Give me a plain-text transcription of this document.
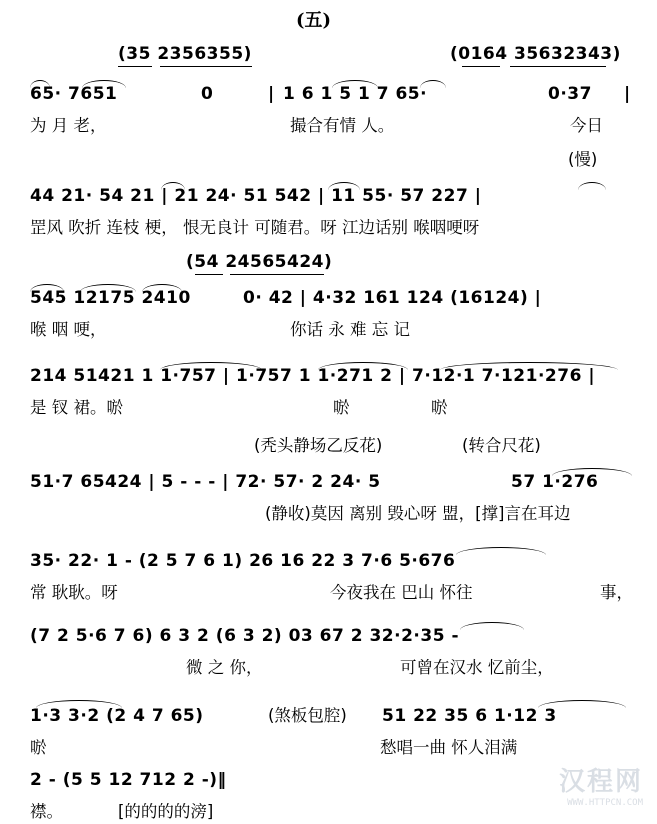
(五)
(35 2356355)	(0164 35632343)
65· 7651	0	| 1 6 1 5 1 7 65·	0·37 |
为 月 老，	撮合有情 人。	今日
(慢)
44 21· 54 21 | 21 24· 51 542 | 11 55· 57 227 |
罡风 吹折 连枝 梗， 恨无良计 可随君。呀 江边话别 喉咽哽呀
(54 24565424)
545 12175 2410	0· 42 | 4·32 161 124 (16124) |
喉 咽 哽，	你话 永 难 忘 记
214 51421 1 1·757 | 1·757 1 1·271 2 | 7·12·1 7·121·276 |
是 钗 裙。唹	唹	唹
(秃头静场乙反花)	(转合尺花)
51·7 65424 | 5 - - - | 72· 57· 2 24· 5	57 1·276
(静收)莫因 离别 毁心呀 盟，[撑]言在耳边
35· 22· 1 - (2 5 7 6 1) 26 16 22 3 7·6 5·676
常 耿耿。呀	今夜我在 巴山 怀往	事，
(7 2 5·6 7 6) 6 3 2 (6 3 2) 03 67 2 32·2·35 -
微 之 你，	可曾在汉水 忆前尘，
1·3 3·2 (2 4 7 65)	(煞板包腔) 51 22 35 6 1·12 3
唹	愁唱一曲 怀人泪满
2 - (5 5 12 712 2 -)‖
襟。	[的的的的滂]
汉程网
WWW.HTTPCN.COM
